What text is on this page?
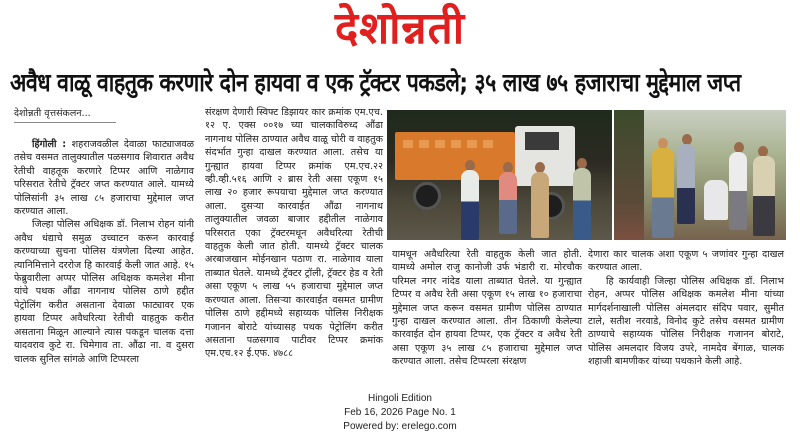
देशोन्नती
अवैध वाळू वाहतुक करणारे दोन हायवा व एक ट्रॅक्टर पकडले; ३५ लाख ७५ हजाराचा मुद्देमाल जप्त
देशोन्नती वृत्तसंकलन...

हिंगोली : शहराजवळील देवाळा फाट्याजवळ तसेच वसमत तालुक्यातील पळसगाव शिवारात अवैध रेतीची वाहतूक करणारे टिप्पर आणि नाळेगाव परिसरात रेतीचे ट्रॅक्टर जप्त करण्यात आले. यामध्ये पोलिसांनी ३५ लाख ८५ हजाराचा मुद्देमाल जप्त करण्यात आला.

जिल्हा पोलिस अधिक्षक डॉ. निलाभ रोहन यांनी अवैध धंद्याचे समुळ उच्चाटन करून कारवाई करण्याच्या सुचना पोलिस यंत्रणेला दिल्या आहेत. त्यानिमित्ताने दररोज हि कारवाई केली जात आहे. १५ फेब्रुवारीला अप्पर पोलिस अधिक्षक कमलेश मीना यांचे पथक औंढा नागनाथ पोलिस ठाणे हद्दीत पेट्रोलिंग करीत असताना देवाळा फाट्यावर एक हायवा टिप्पर अवैधरित्या रेतीची वाहतुक करीत असताना मिळून आल्याने त्यास पकडून चालक दत्ता यादवराव कुटे रा. चिमेगाव ता. औंढा ना. व दुसरा चालक सुनिल सांगळे आणि टिप्परला

संरक्षण देणारी स्विफ्ट डिझायर कार क्रमांक एम.एच. १२ ए. एक्स ००१७ च्या चालकाविरुध्द औंढा नागनाथ पोलिस ठाण्यात अवैध वाळू चोरी व वाहतुक संदर्भात गुन्हा दाखल करण्यात आला. तसेच या गुन्ह्यात हायवा टिप्पर क्रमांक एम.एच.२२ व्ही.व्ही.५१६ आणि २ ब्रास रेती असा एकूण १५ लाख २० हजार रूपयाचा मुद्देमाल जप्त करण्यात आला. दुसऱ्या कारवाईत औंढा नागनाथ तालुक्यातील जवळा बाजार हद्दीतील नाळेगाव परिसरात एका ट्रॅक्टरमधून अवैधरित्या रेतीची वाहतुक केली जात होती. यामध्ये ट्रॅक्टर चालक अरबाजखान मोईनखान पठाण रा. नाळेगाव याला ताब्यात घेतले. यामध्ये ट्रॅक्टर ट्रॉली, ट्रॅक्टर हेड व रेती असा एकूण ५ लाख ५५ हजाराचा मुद्देमाल जप्त करण्यात आला. तिसऱ्या कारवाईत वसमत ग्रामीण पोलिस ठाणे हद्दीमध्ये सहाय्यक पोलिस निरीक्षक गजानन बोराटे यांच्यासह पथक पेट्रोलिंग करीत असताना पळसगाव पाटीवर टिप्पर क्रमांक एम.एच.१२ ई.एफ. ४७८८

यामधून अवैधरित्या रेती वाहतुक केली जात होती. यामध्ये अमोल राजु कानोजी उर्फ भंडारी रा. मोरचौक परिमल नगर नांदेड याला ताब्यात घेतले. या गुन्ह्यात टिप्पर व अवैध रेती असा एकूण १५ लाख १० हजाराचा मुद्देमाल जप्त करून वसमत ग्रामीण पोलिस ठाण्यात गुन्हा दाखल करण्यात आला. तीन ठिकाणी केलेल्या कारवाईत दोन हायवा टिप्पर, एक ट्रॅक्टर व अवैध रेती असा एकूण ३५ लाख ८५ हजाराचा मुद्देमाल जप्त करण्यात आला. तसेच टिप्परला संरक्षण

देणारा कार चालक अशा एकूण ५ जणांवर गुन्हा दाखल करण्यात आला.

हि कार्यवाही जिल्हा पोलिस अधिक्षक डॉ. निलाभ रोहन, अप्पर पोलिस अधिक्षक कमलेश मीना यांच्या मार्गदर्शनाखाली पोलिस अंमलदार संदिप पवार, सुमीत टाले, सतीश नरवाडे, विनोद कुटे तसेच वसमत ग्रामीण ठाण्याचे सहाय्यक पोलिस निरीक्षक गजानन बोराटे, पोलिस अमलदार विजय उपरे, नामदेव बेंगाळ, चालक शहाजी बामणीकर यांच्या पथकाने केली आहे.

Hingoli Edition
Feb 16, 2026 Page No. 1
Powered by: erelego.com
